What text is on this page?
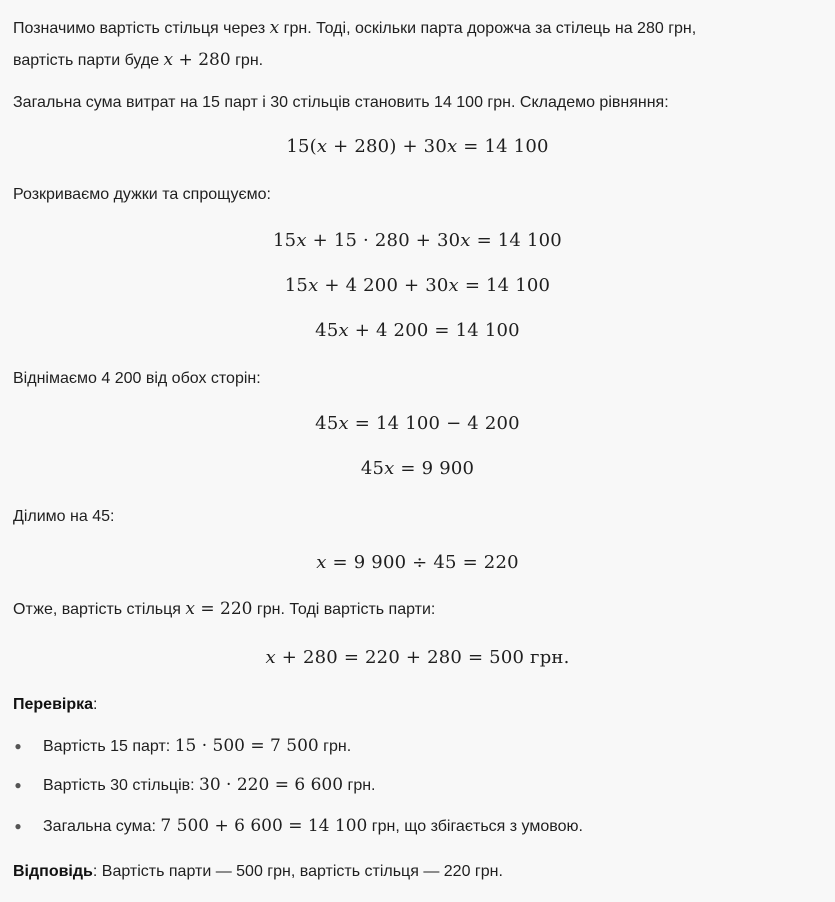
Позначимо вартість стільця через x грн. Тоді, оскільки парта дорожча за стілець на 280 грн,
вартість парти буде x + 280 грн.
Загальна сума витрат на 15 парт і 30 стільців становить 14 100 грн. Складемо рівняння:
15(x + 280) + 30x = 14 100
Розкриваємо дужки та спрощуємо:
15x + 15 · 280 + 30x = 14 100
15x + 4 200 + 30x = 14 100
45x + 4 200 = 14 100
Віднімаємо 4 200 від обох сторін:
45x = 14 100 − 4 200
45x = 9 900
Ділимо на 45:
x = 9 900 ÷ 45 = 220
Отже, вартість стільця x = 220 грн. Тоді вартість парти:
x + 280 = 220 + 280 = 500 грн.
Перевірка:
● Вартість 15 парт: 15 · 500 = 7 500 грн.
● Вартість 30 стільців: 30 · 220 = 6 600 грн.
● Загальна сума: 7 500 + 6 600 = 14 100 грн, що збігається з умовою.
Відповідь: Вартість парти — 500 грн, вартість стільця — 220 грн.
